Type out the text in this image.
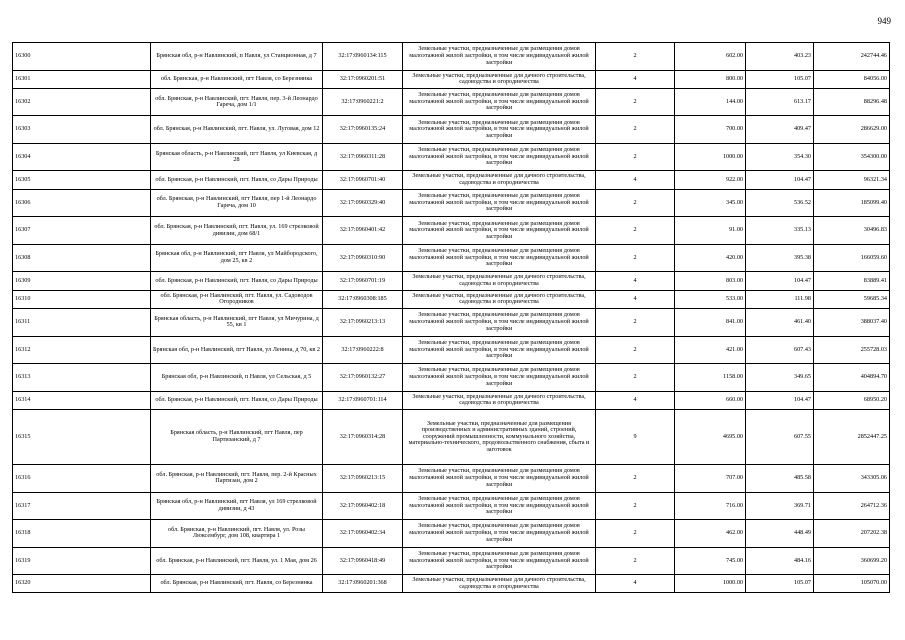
949
16300	Брянская обл, р-н Навлинский, п Навля, ул Станционная, д 7	32:17:0960134:115	Земельные участки, предназначенные для размещения домов малоэтажной жилой застройки, в том числе индивидуальной жилой застройки	2	602.00	403.23	242744.46
16301	обл. Брянская, р-н Навлинский, пгт Навля, со Березнянка	32:17:0960201:51	Земельные участки, предназначенные для дачного строительства, садоводства и огородничества	4	800.00	105.07	84056.00
16302	обл. Брянская, р-н Навлинский, пгт. Навля, пер. 3-й Леонардо Гареча, дом 1/1	32:17:0960221:2	Земельные участки, предназначенные для размещения домов малоэтажной жилой застройки, в том числе индивидуальной жилой застройки	2	144.00	613.17	88296.48
16303	обл. Брянская, р-н Навлинский, пгт. Навля, ул. Луговая, дом 12	32:17:0960135:24	Земельные участки, предназначенные для размещения домов малоэтажной жилой застройки, в том числе индивидуальной жилой застройки	2	700.00	409.47	286629.00
16304	Брянская область, р-н Навлинский, пгт Навля, ул Киевская, д 28	32:17:0960311:28	Земельные участки, предназначенные для размещения домов малоэтажной жилой застройки, в том числе индивидуальной жилой застройки	2	1000.00	354.30	354300.00
16305	обл. Брянская, р-н Навлинский, пгт. Навля, со Дары Природы	32:17:0960701:40	Земельные участки, предназначенные для дачного строительства, садоводства и огородничества	4	922.00	104.47	96321.34
16306	обл. Брянская, р-н Навлинский, пгт Навля, пер 1-й Леонардо Гареча, дом 10	32:17:0960329:40	Земельные участки, предназначенные для размещения домов малоэтажной жилой застройки, в том числе индивидуальной жилой застройки	2	345.00	536.52	185099.40
16307	обл. Брянская, р-н Навлинский, пгт. Навля, ул. 169 стрелковой дивизии, дом 68/1	32:17:0960401:42	Земельные участки, предназначенные для размещения домов малоэтажной жилой застройки, в том числе индивидуальной жилой застройки	2	91.00	335.13	30496.83
16308	Брянская обл, р-н Навлинский, пгт Навля, ул Майбородского, дом 25, кв 2	32:17:0960310:90	Земельные участки, предназначенные для размещения домов малоэтажной жилой застройки, в том числе индивидуальной жилой застройки	2	420.00	395.38	166059.60
16309	обл. Брянская, р-н Навлинский, пгт. Навля, со Дары Природы	32:17:0960701:19	Земельные участки, предназначенные для дачного строительства, садоводства и огородничества	4	803.00	104.47	83889.41
16310	обл. Брянская, р-н Навлинский, пгт. Навля, ул. Садоводов Огородников	32:17:0960308:185	Земельные участки, предназначенные для дачного строительства, садоводства и огородничества	4	533.00	111.98	59685.34
16311	Брянская область, р-н Навлинский, пгт Навля, ул Мичурина, д 55, кв 1	32:17:0960213:13	Земельные участки, предназначенные для размещения домов малоэтажной жилой застройки, в том числе индивидуальной жилой застройки	2	841.00	461.40	388037.40
16312	Брянская обл, р-н Навлинский, пгт Навля, ул Ленина, д 70, кв 2	32:17:0960222:8	Земельные участки, предназначенные для размещения домов малоэтажной жилой застройки, в том числе индивидуальной жилой застройки	2	421.00	607.43	255728.03
16313	Брянская обл, р-н Навлинский, п Навля, ул Сельская, д 5	32:17:0960132:27	Земельные участки, предназначенные для размещения домов малоэтажной жилой застройки, в том числе индивидуальной жилой застройки	2	1158.00	349.65	404894.70
16314	обл. Брянская, р-н Навлинский, пгт. Навля, со Дары Природы	32:17:0960701:114	Земельные участки, предназначенные для дачного строительства, садоводства и огородничества	4	660.00	104.47	68950.20
16315	Брянская область, р-н Навлинский, пгт Навля, пер Партизанский, д 7	32:17:0960314:28	Земельные участки, предназначенные для размещения производственных и административных зданий, строений, сооружений промышленности, коммунального хозяйства, материально-технического, продовольственного снабжения, сбыта и заготовок	9	4695.00	607.55	2852447.25
16316	обл. Брянская, р-н Навлинский, пгт. Навля, пер. 2-й Красных Партизан, дом 2	32:17:0960213:15	Земельные участки, предназначенные для размещения домов малоэтажной жилой застройки, в том числе индивидуальной жилой застройки	2	707.00	485.58	343305.06
16317	Брянская обл, р-н Навлинский, пгт Навля, ул 169 стрелковой дивизии, д 43	32:17:0960402:18	Земельные участки, предназначенные для размещения домов малоэтажной жилой застройки, в том числе индивидуальной жилой застройки	2	716.00	369.71	264712.36
16318	обл. Брянская, р-н Навлинский, пгт. Навля, ул. Розы Люксембург, дом 108, квартира 1	32:17:0960402:34	Земельные участки, предназначенные для размещения домов малоэтажной жилой застройки, в том числе индивидуальной жилой застройки	2	462.00	448.49	207202.38
16319	обл. Брянская, р-н Навлинский, пгт. Навля, ул. 1 Мая, дом 26	32:17:0960418:49	Земельные участки, предназначенные для размещения домов малоэтажной жилой застройки, в том числе индивидуальной жилой застройки	2	745.00	484.16	360699.20
16320	обл. Брянская, р-н Навлинский, пгт. Навля, со Березнянка	32:17:0960201:368	Земельные участки, предназначенные для дачного строительства, садоводства и огородничества	4	1000.00	105.07	105070.00
